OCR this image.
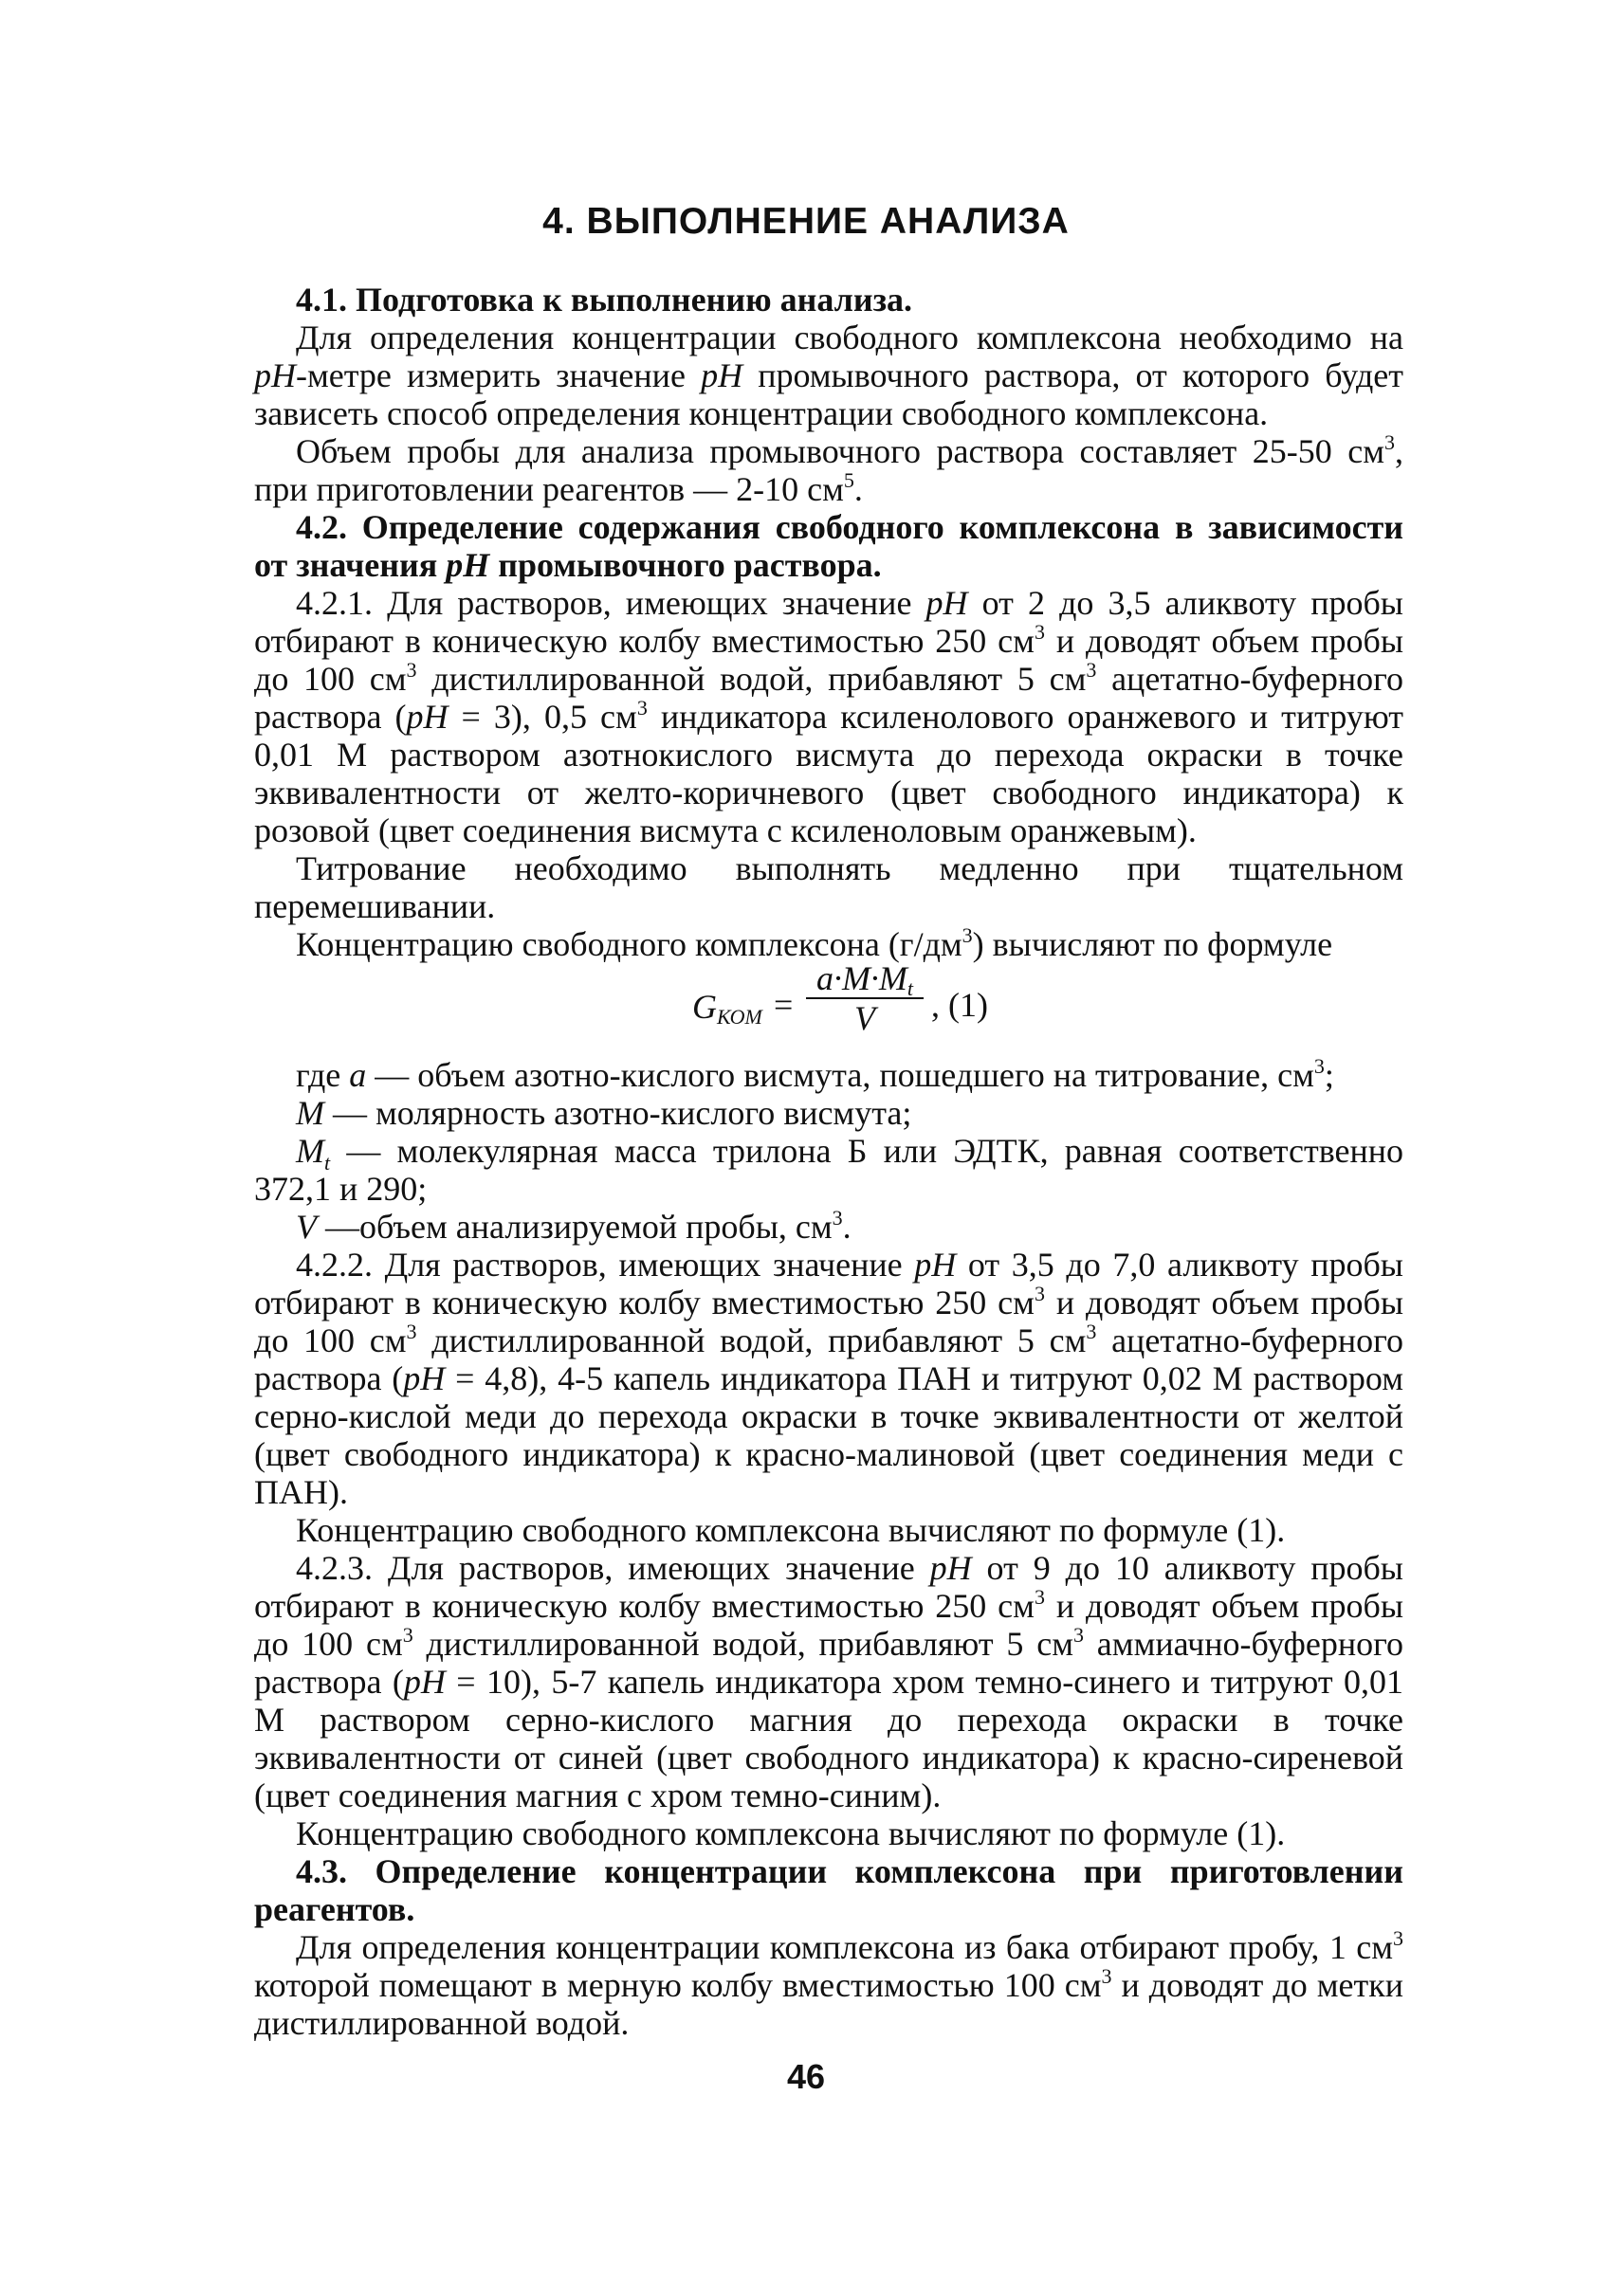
4. ВЫПОЛНЕНИЕ АНАЛИЗА

4.1. Подготовка к выполнению анализа.

Для определения концентрации свободного комплексона необходимо на pH-метре измерить значение pH промывочного раствора, от которого будет зависеть способ определения концентрации свободного комплексона.

Объем пробы для анализа промывочного раствора составляет 25-50 $см^3$, при приготовлении реагентов — 2-10 $см^5$.

4.2. Определение содержания свободного комплексона в зависимости от значения pH промывочного раствора.

4.2.1. Для растворов, имеющих значение pH от 2 до 3,5 аликвоту пробы отбирают в коническую колбу вместимостью 250 $см^3$ и доводят объем пробы до 100 $см^3$ дистиллированной водой, прибавляют 5 $см^3$ ацетатно-буферного раствора (pH = 3), 0,5 $см^3$ индикатора ксиленолового оранжевого и титруют 0,01 М раствором азотнокислого висмута до перехода окраски в точке эквивалентности от желто-коричневого (цвет свободного индикатора) к розовой (цвет соединения висмута с ксиленоловым оранжевым).

Титрование необходимо выполнять медленно при тщательном перемешивании.

Концентрацию свободного комплексона $(г/дм^3)$ вычисляют по формуле

$G_{КОМ}$ =
$a\cdot M\cdot M_t$
V	, (1)

где a — объем азотно-кислого висмута, пошедшего на титрование, $см^3$;

M — молярность азотно-кислого висмута;

$M_t$ — молекулярная масса трилона Б или ЭДТК, равная соответственно 372,1 и 290;

V —объем анализируемой пробы, $см^3$.

4.2.2. Для растворов, имеющих значение pH от 3,5 до 7,0 аликвоту пробы отбирают в коническую колбу вместимостью 250 $см^3$ и доводят объем пробы до 100 $см^3$ дистиллированной водой, прибавляют 5 $см^3$ ацетатно-буферного раствора (pH = 4,8), 4-5 капель индикатора ПАН и титруют 0,02 М раствором серно-кислой меди до перехода окраски в точке эквивалентности от желтой (цвет свободного индикатора) к красно-малиновой (цвет соединения меди с ПАН).

Концентрацию свободного комплексона вычисляют по формуле (1).

4.2.3. Для растворов, имеющих значение pH от 9 до 10 аликвоту пробы отбирают в коническую колбу вместимостью 250 $см^3$ и доводят объем пробы до 100 $см^3$ дистиллированной водой, прибавляют 5 $см^3$ аммиачно-буферного раствора (pH = 10), 5-7 капель индикатора хром темно-синего и титруют 0,01 М раствором серно-кислого магния до перехода окраски в точке эквивалентности от синей (цвет свободного индикатора) к красно-сиреневой (цвет соединения магния с хром темно-синим).

Концентрацию свободного комплексона вычисляют по формуле (1).

4.3. Определение концентрации комплексона при приготовлении реагентов.

Для определения концентрации комплексона из бака отбирают пробу, 1 $см^3$ которой помещают в мерную колбу вместимостью 100 $см^3$ и доводят до метки дистиллированной водой.

46
